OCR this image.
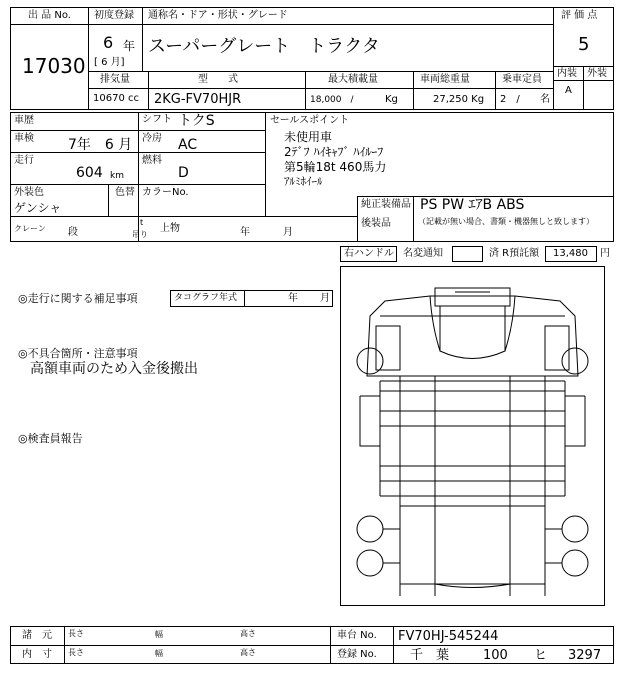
出 品 No.
17030
初度登録
6 年
[ 6 月]
通称名・ドア・形状・グレード
スーパーグレート　トラクタ
評 価 点
5
内装 外装
A
排気量	型　　式	最大積載量	車両総重量	乗車定員
10670 cc 2KG-FV70HJR	18,000　/	Kg	27,250 Kg 2　/ 名
車歴	シフト トクS
車検 7年　6 月 冷房 AC
走行
604 km
燃料
D
外装色
ゲンシャ
色替 カラーNo.
クレーン 段
t
吊り
上物	年	月
セールスポイント
未使用車
2ﾃﾞﾌ ﾊｲｷｬﾌﾞ ﾊｲﾙｰﾌ
第5輪18t 460馬力
ｱﾙﾐﾎｲｰﾙ
純正装備品 PS PW ｴｱB ABS
後装品	（記載が無い場合、書類・機器無しと致します）
右ハンドル 名変通知	済 R預託額 13,480 円
◎走行に関する補足事項	タコグラフ年式	年 月
◎不具合箇所・注意事項
高額車両のため入金後搬出
◎検査員報告
諸　元
内　寸
長さ	幅	高さ
長さ	幅	高さ
車台 No. FV70HJ-545244
登録 No.	千　葉	100 ヒ 3297
